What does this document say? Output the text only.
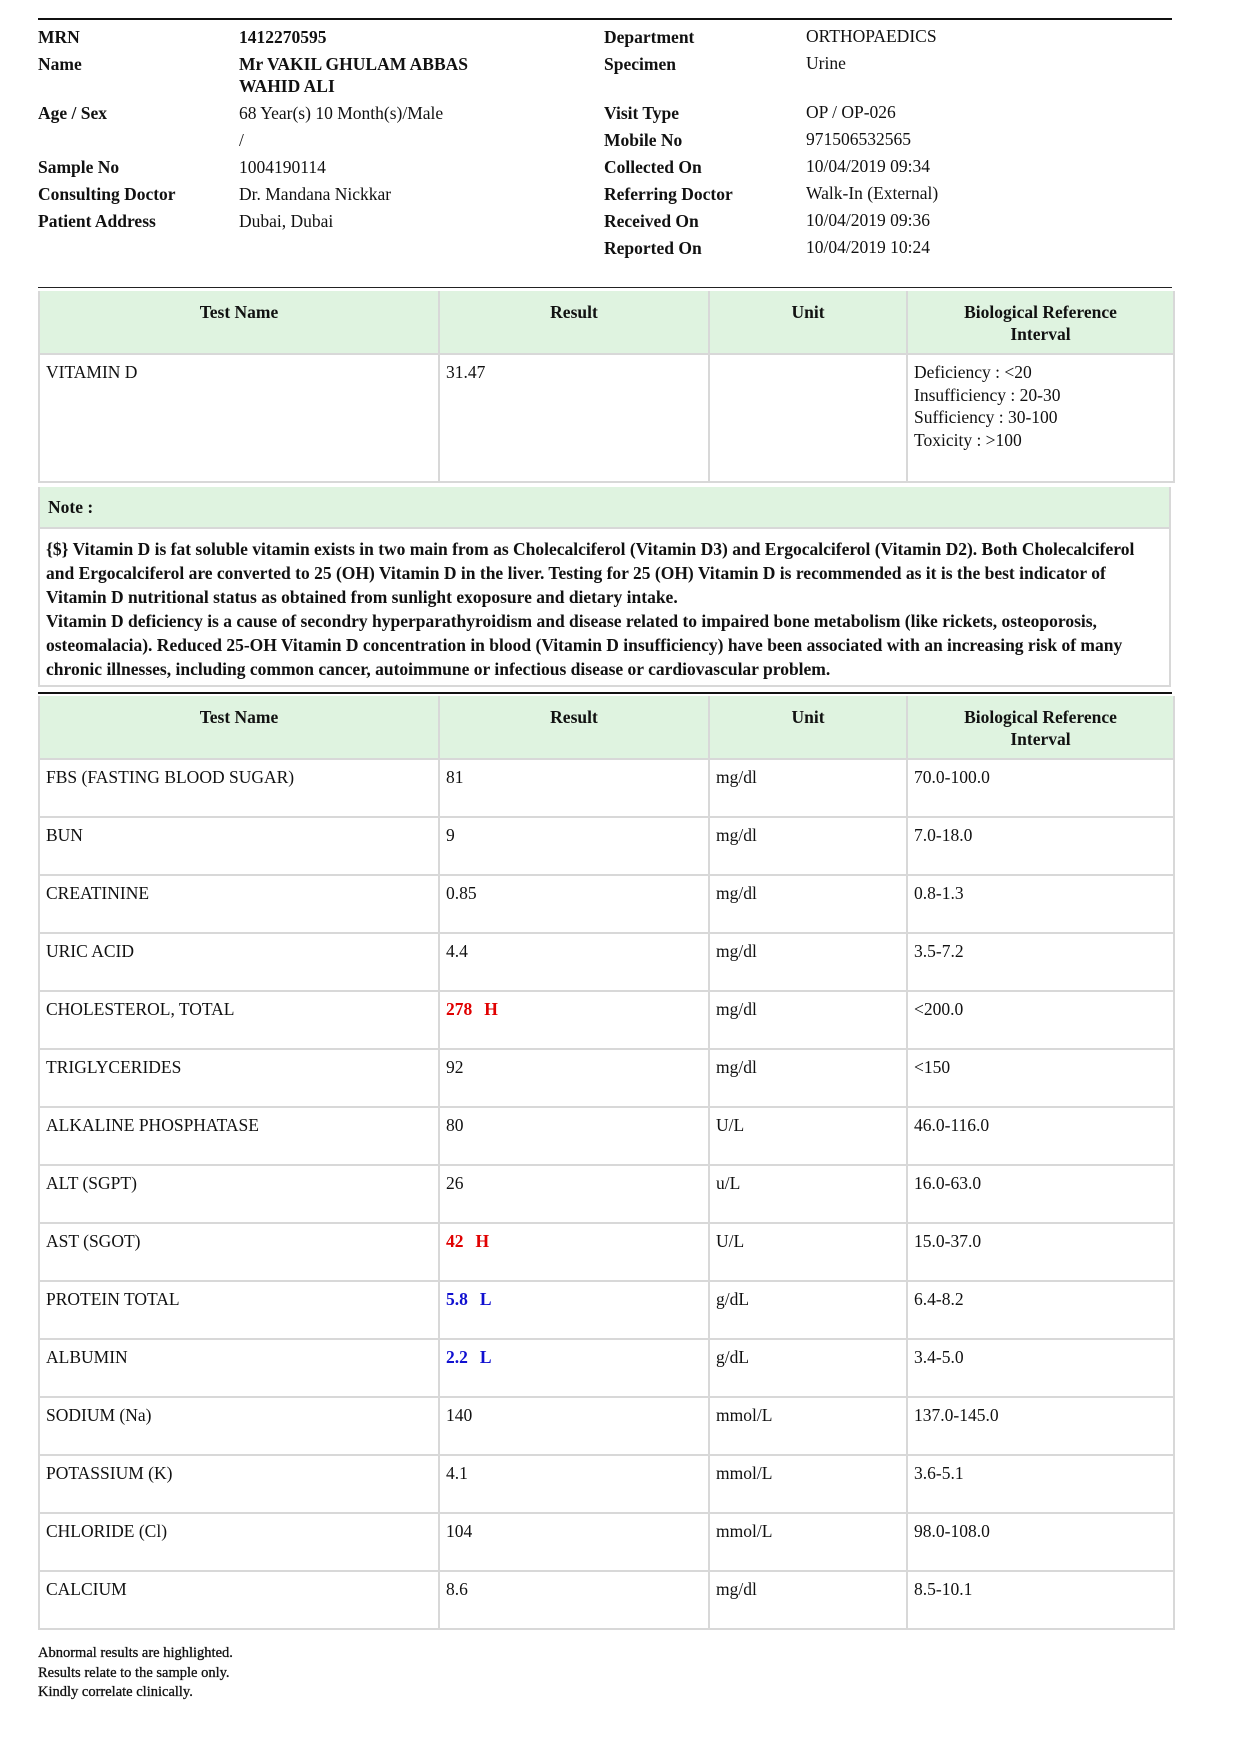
MRN	1412270595
Name	Mr VAKIL GHULAM ABBAS
WAHID ALI
Age / Sex	68 Year(s) 10 Month(s)/Male
/
Sample No	1004190114
Consulting Doctor	Dr. Mandana Nickkar
Patient Address	Dubai, Dubai
Department	ORTHOPAEDICS
Specimen	Urine
Visit Type	OP / OP-026
Mobile No	971506532565
Collected On	10/04/2019 09:34
Referring Doctor	Walk-In (External)
Received On	10/04/2019 09:36
Reported On	10/04/2019 10:24
Test Name	Result	Unit	Biological Reference
Interval

VITAMIN D	31.47		Deficiency : <20
Insufficiency : 20-30
Sufficiency : 30-100
Toxicity : >100
Note :

{$} Vitamin D is fat soluble vitamin exists in two main from as Cholecalciferol (Vitamin D3) and Ergocalciferol (Vitamin D2). Both Cholecalciferol and Ergocalciferol are converted to 25 (OH) Vitamin D in the liver. Testing for 25 (OH) Vitamin D is recommended as it is the best indicator of Vitamin D nutritional status as obtained from sunlight exoposure and dietary intake.

Vitamin D deficiency is a cause of secondry hyperparathyroidism and disease related to impaired bone metabolism (like rickets, osteoporosis, osteomalacia). Reduced 25-OH Vitamin D concentration in blood (Vitamin D insufficiency) have been associated with an increasing risk of many chronic illnesses, including common cancer, autoimmune or infectious disease or cardiovascular problem.

Test Name	Result	Unit	Biological Reference
Interval

FBS (FASTING BLOOD SUGAR)	81	mg/dl	70.0-100.0
BUN	9	mg/dl	7.0-18.0
CREATININE	0.85	mg/dl	0.8-1.3
URIC ACID	4.4	mg/dl	3.5-7.2
CHOLESTEROL, TOTAL	278 H	mg/dl	<200.0
TRIGLYCERIDES	92	mg/dl	<150
ALKALINE PHOSPHATASE	80	U/L	46.0-116.0
ALT (SGPT)	26	u/L	16.0-63.0
AST (SGOT)	42 H	U/L	15.0-37.0
PROTEIN TOTAL	5.8 L	g/dL	6.4-8.2
ALBUMIN	2.2 L	g/dL	3.4-5.0
SODIUM (Na)	140	mmol/L	137.0-145.0
POTASSIUM (K)	4.1	mmol/L	3.6-5.1
CHLORIDE (Cl)	104	mmol/L	98.0-108.0
CALCIUM	8.6	mg/dl	8.5-10.1
Abnormal results are highlighted.
Results relate to the sample only.
Kindly correlate clinically.
